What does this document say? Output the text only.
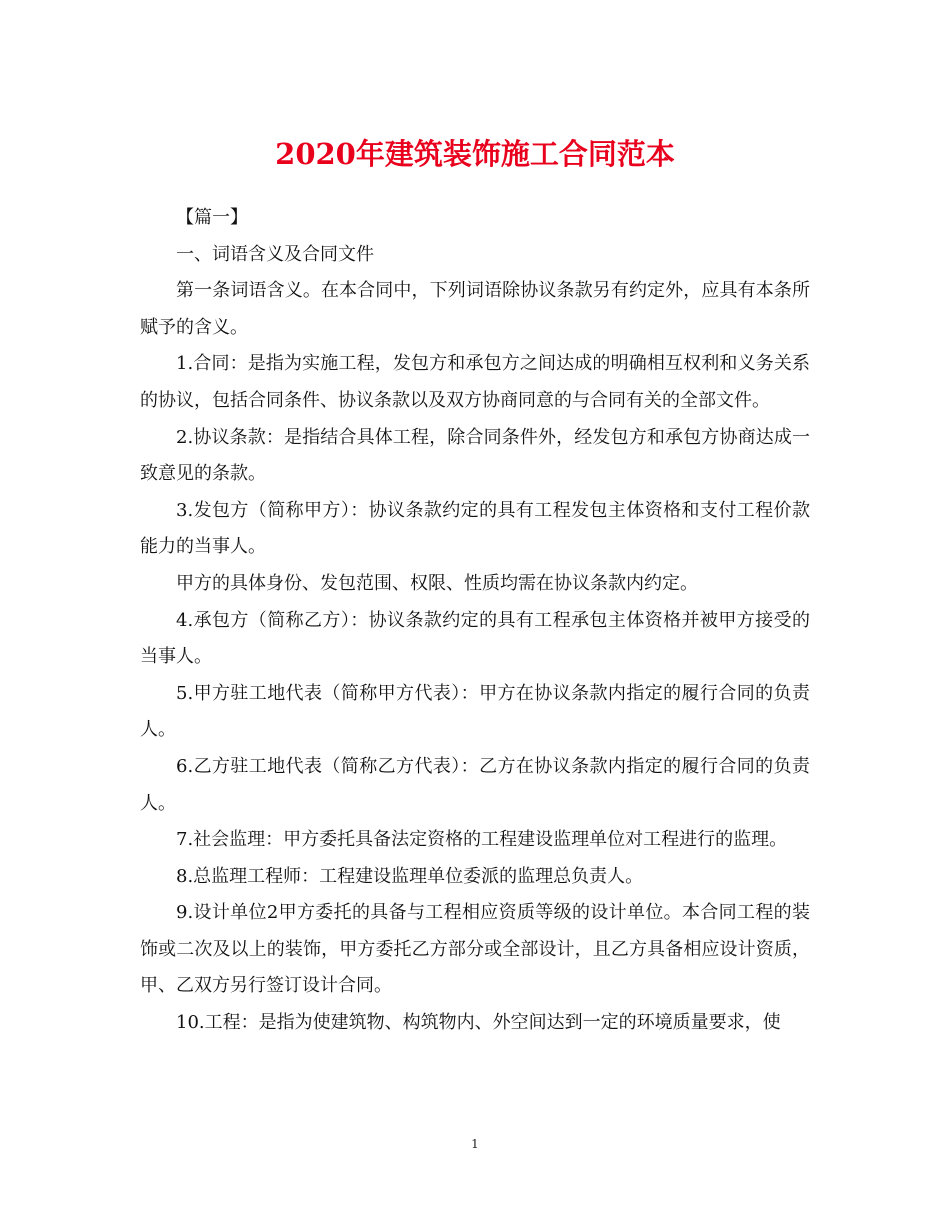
2020年建筑装饰施工合同范本

【篇一】

一、词语含义及合同文件

第一条词语含义。在本合同中，下列词语除协议条款另有约定外，应具有本条所赋予的含义。

1.合同：是指为实施工程，发包方和承包方之间达成的明确相互权利和义务关系的协议，包括合同条件、协议条款以及双方协商同意的与合同有关的全部文件。

2.协议条款：是指结合具体工程，除合同条件外，经发包方和承包方协商达成一致意见的条款。

3.发包方（简称甲方）：协议条款约定的具有工程发包主体资格和支付工程价款能力的当事人。

甲方的具体身份、发包范围、权限、性质均需在协议条款内约定。

4.承包方（简称乙方）：协议条款约定的具有工程承包主体资格并被甲方接受的当事人。

5.甲方驻工地代表（简称甲方代表）：甲方在协议条款内指定的履行合同的负责人。

6.乙方驻工地代表（简称乙方代表）：乙方在协议条款内指定的履行合同的负责人。

7.社会监理：甲方委托具备法定资格的工程建设监理单位对工程进行的监理。

8.总监理工程师：工程建设监理单位委派的监理总负责人。

9.设计单位2甲方委托的具备与工程相应资质等级的设计单位。本合同工程的装饰或二次及以上的装饰，甲方委托乙方部分或全部设计，且乙方具备相应设计资质，甲、乙双方另行签订设计合同。

10.工程：是指为使建筑物、构筑物内、外空间达到一定的环境质量要求，使

1
